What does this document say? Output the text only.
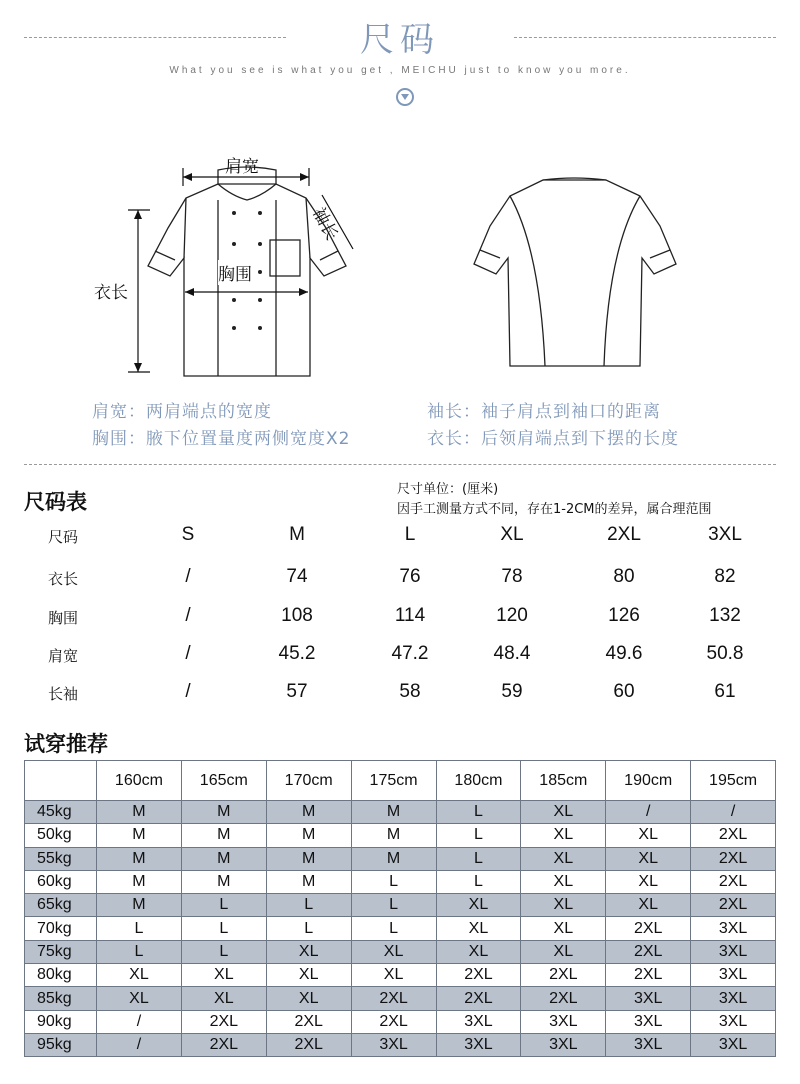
尺码
What you see is what you get , MEICHU just to know you more.
肩宽
袖长
胸围
衣长
肩宽：两肩端点的宽度
胸围：腋下位置量度两侧宽度X2
袖长：袖子肩点到袖口的距离
衣长：后领肩端点到下摆的长度
尺码表
尺寸单位：(厘米)
因手工测量方式不同，存在1-2CM的差异，属合理范围
尺码	S	M	L	XL	2XL	3XL
衣长	/	74	76	78	80	82
胸围	/	108	114	120	126	132
肩宽	/	45.2	47.2	48.4	49.6	50.8
长袖	/	57	58	59	60	61
试穿推荐
	160cm	165cm	170cm	175cm	180cm	185cm	190cm	195cm
45kg	M	M	M	M	L	XL	/	/
50kg	M	M	M	M	L	XL	XL	2XL
55kg	M	M	M	M	L	XL	XL	2XL
60kg	M	M	M	L	L	XL	XL	2XL
65kg	M	L	L	L	XL	XL	XL	2XL
70kg	L	L	L	L	XL	XL	2XL	3XL
75kg	L	L	XL	XL	XL	XL	2XL	3XL
80kg	XL	XL	XL	XL	2XL	2XL	2XL	3XL
85kg	XL	XL	XL	2XL	2XL	2XL	3XL	3XL
90kg	/	2XL	2XL	2XL	3XL	3XL	3XL	3XL
95kg	/	2XL	2XL	3XL	3XL	3XL	3XL	3XL
